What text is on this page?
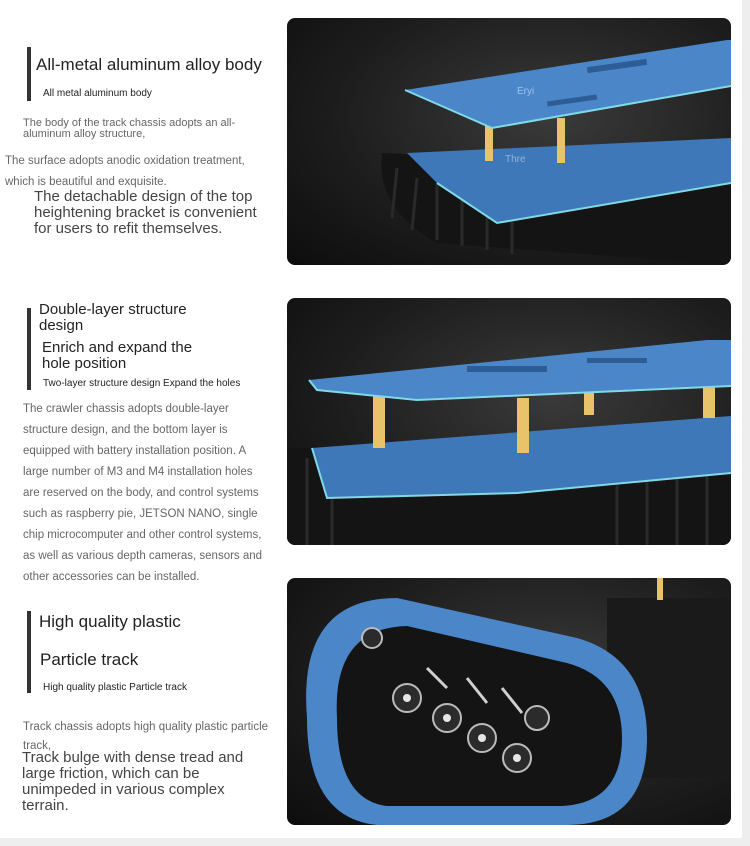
All-metal aluminum alloy body
All metal aluminum body
The body of the track chassis adopts an all-
aluminum alloy structure,
The surface adopts anodic oxidation treatment,
which is beautiful and exquisite.
The detachable design of the top
heightening bracket is convenient
for users to refit themselves.
Eryi
Thre
Double-layer structure
design
Enrich and expand the
hole position
Two-layer structure design Expand the holes
The crawler chassis adopts double-layer
structure design, and the bottom layer is
equipped with battery installation position. A
large number of M3 and M4 installation holes
are reserved on the body, and control systems
such as raspberry pie, JETSON NANO, single
chip microcomputer and other control systems,
as well as various depth cameras, sensors and
other accessories can be installed.
High quality plastic
Particle track
High quality plastic Particle track
Track chassis adopts high quality plastic particle
track,
Track bulge with dense tread and
large friction, which can be
unimpeded in various complex
terrain.
